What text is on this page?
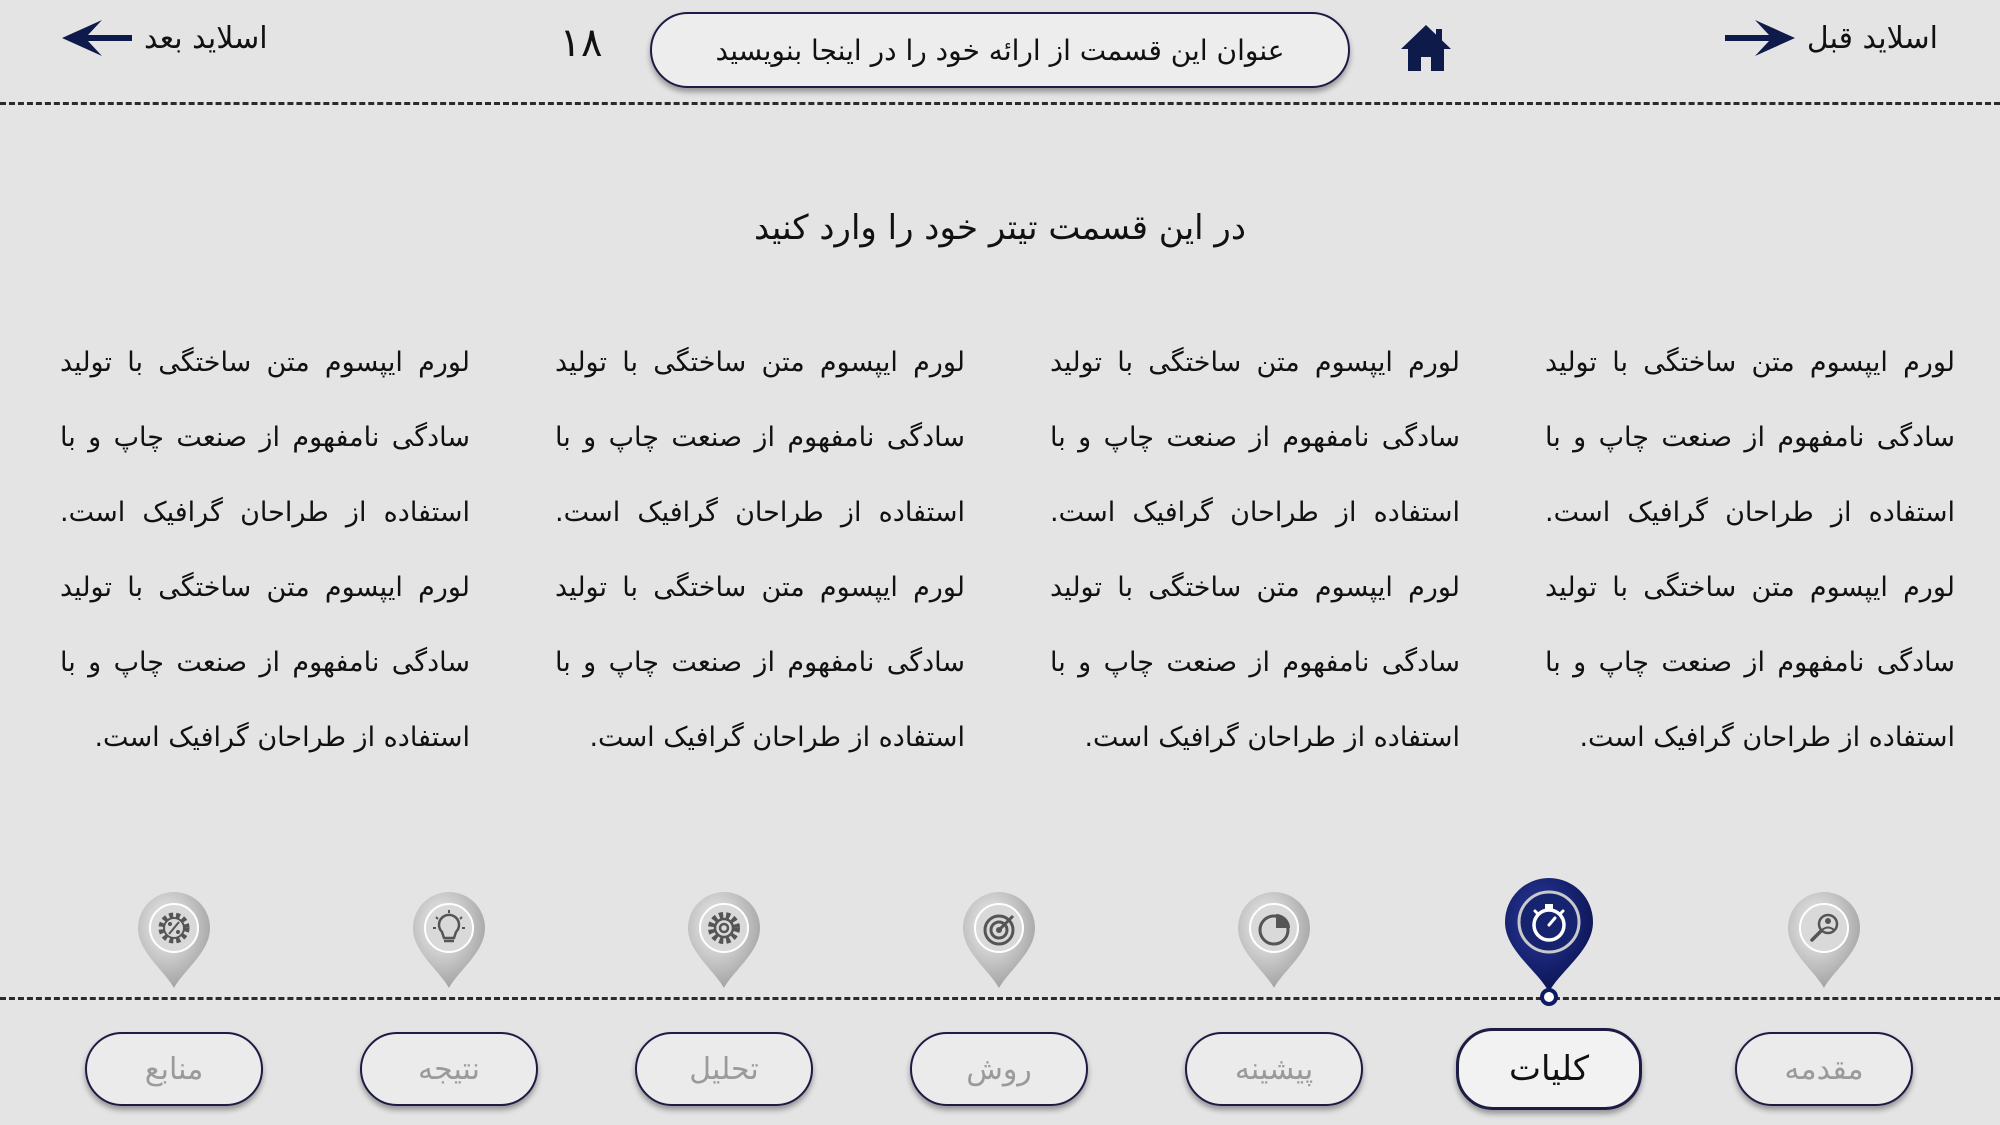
اسلاید قبل
اسلاید بعد	عنوان این قسمت از ارائه خود را در اینجا بنویسید
۱۸
در این قسمت تیتر خود را وارد کنید
لورم ایپسوم متن ساختگی با تولید سادگی نامفهوم از صنعت چاپ و با استفاده از طراحان گرافیک است. لورم ایپسوم متن ساختگی با تولید سادگی نامفهوم از صنعت چاپ و با استفاده از طراحان گرافیک است.
لورم ایپسوم متن ساختگی با تولید سادگی نامفهوم از صنعت چاپ و با استفاده از طراحان گرافیک است. لورم ایپسوم متن ساختگی با تولید سادگی نامفهوم از صنعت چاپ و با استفاده از طراحان گرافیک است.
لورم ایپسوم متن ساختگی با تولید سادگی نامفهوم از صنعت چاپ و با استفاده از طراحان گرافیک است. لورم ایپسوم متن ساختگی با تولید سادگی نامفهوم از صنعت چاپ و با استفاده از طراحان گرافیک است.
لورم ایپسوم متن ساختگی با تولید سادگی نامفهوم از صنعت چاپ و با استفاده از طراحان گرافیک است. لورم ایپسوم متن ساختگی با تولید سادگی نامفهوم از صنعت چاپ و با استفاده از طراحان گرافیک است.
مقدمه
کلیات
پیشینه
روش
تحلیل
نتیجه
منابع
